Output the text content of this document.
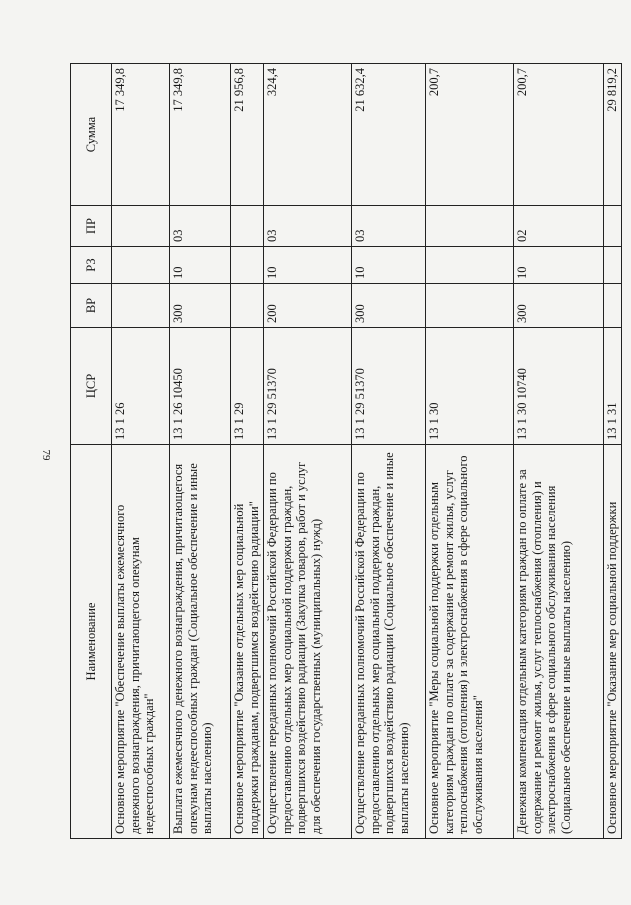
79
Наименование	ЦСР	ВР	РЗ	ПР	Сумма
Основное мероприятие "Обеспечение выплаты ежемесячного денежного вознаграждения, причитающегося опекунам недееспособных граждан"	13 1 26				17 349,8
Выплата ежемесячного денежного вознаграждения, причитающегося опекунам недееспособных граждан (Социальное обеспечение и иные выплаты населению)	13 1 26 10450	300	10	03	17 349,8
Основное мероприятие "Оказание отдельных мер социальной поддержки гражданам, подвергшимся воздействию радиации"	13 1 29				21 956,8
Осуществление переданных полномочий Российской Федерации по предоставлению отдельных мер социальной поддержки граждан, подвергшихся воздействию радиации (Закупка товаров, работ и услуг для обеспечения государственных (муниципальных) нужд)	13 1 29 51370	200	10	03	324,4
Осуществление переданных полномочий Российской Федерации по предоставлению отдельных мер социальной поддержки граждан, подвергшихся воздействию радиации (Социальное обеспечение и иные выплаты населению)	13 1 29 51370	300	10	03	21 632,4
Основное мероприятие "Меры социальной поддержки отдельным категориям граждан по оплате за содержание и ремонт жилья, услуг теплоснабжения (отопления) и электроснабжения в сфере социального обслуживания населения"	13 1 30				200,7
Денежная компенсация отдельным категориям граждан по оплате за содержание и ремонт жилья, услуг теплоснабжения (отопления) и электроснабжения в сфере социального обслуживания населения (Социальное обеспечение и иные выплаты населению)	13 1 30 10740	300	10	02	200,7
Основное мероприятие "Оказание мер социальной поддержки	13 1 31				29 819,2
